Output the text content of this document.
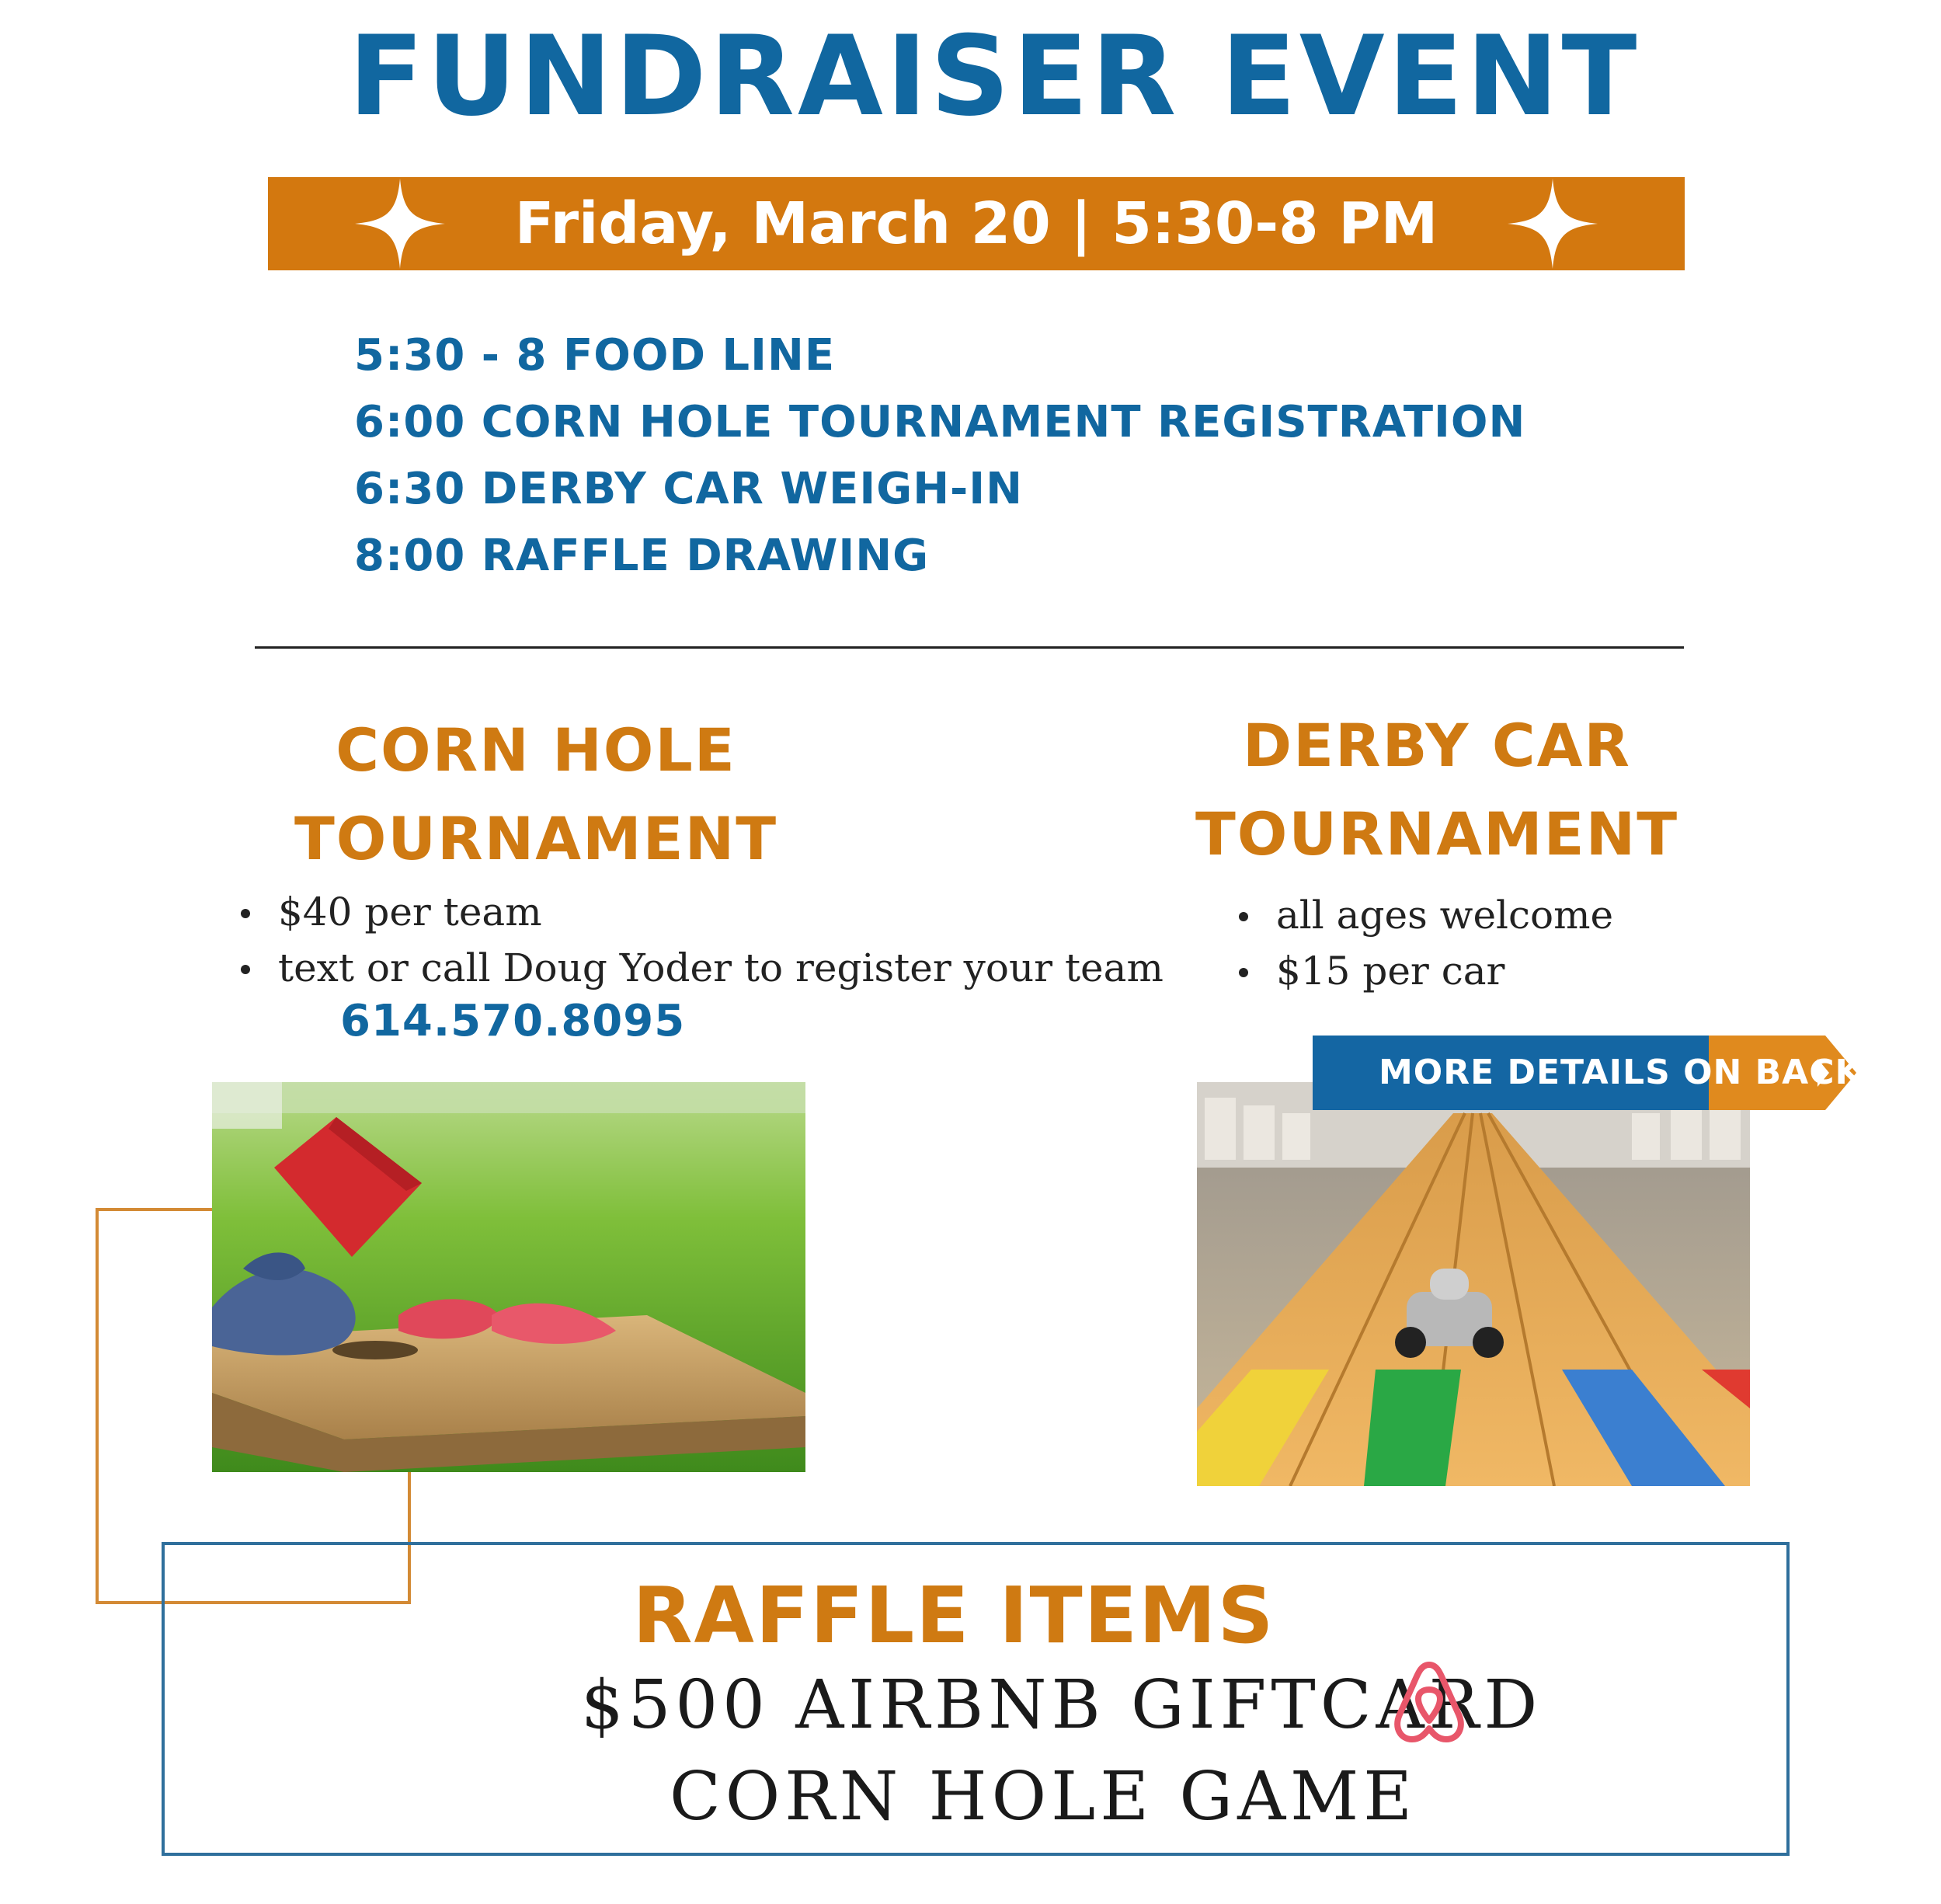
FUNDRAISER EVENT
Friday, March 20 | 5:30-8 PM
5:30 - 8 FOOD LINE
6:00 CORN HOLE TOURNAMENT REGISTRATION
6:30 DERBY CAR WEIGH-IN
8:00 RAFFLE DRAWING
CORN HOLE
TOURNAMENT
$40 per team
text or call Doug Yoder to register your team
614.570.8095
DERBY CAR
TOURNAMENT
all ages welcome
$15 per car
MORE DETAILS ON BACK
RAFFLE ITEMS
$500 AIRBNB GIFTCARD
CORN HOLE GAME
